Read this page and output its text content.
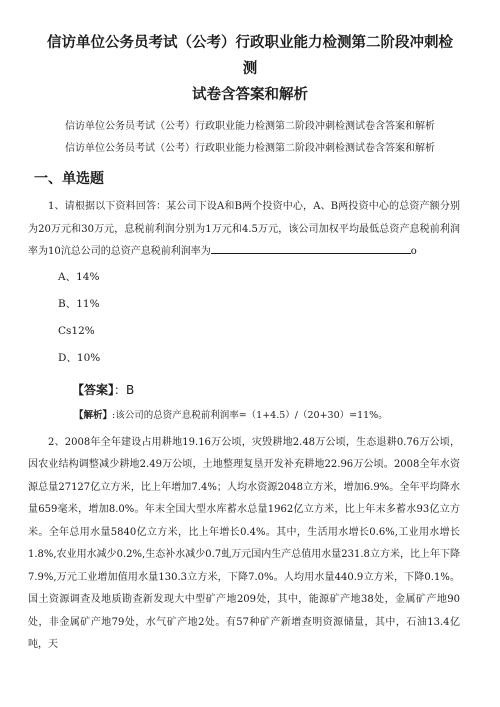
信访单位公务员考试（公考）行政职业能力检测第二阶段冲刺检测
试卷含答案和解析

信访单位公务员考试（公考）行政职业能力检测第二阶段冲刺检测试卷含答案和解析

信访单位公务员考试（公考）行政职业能力检测第二阶段冲刺检测试卷含答案和解析

一、单选题

1、请根据以下资料回答：某公司下设A和B两个投资中心，A、B两投资中心的总资产额分别为20万元和30万元，息税前利润分别为1万元和4.5万元，该公司加权平均最低总资产息税前利润率为10沆总公司的总资产息税前利润率为	o

A、14%

B、11%

Cs12%

D、10%

【答案】：B

【解析】:该公司的总资产息税前利润率=（1+4.5）/（20+30）=11%。

2、2008年全年建设占用耕地19.16万公顷，灾毁耕地2.48万公顷，生态退耕0.76万公顷，因农业结构调整减少耕地2.49万公顷，土地整理复垦开发补充耕地22.96万公顷。2008全年水资源总量27127亿立方米，比上年增加7.4%；人均水资源2048立方米，增加6.9%。全年平均降水量659毫米，增加8.0%。年末全国大型水库蓄水总量1962亿立方米，比上年末多蓄水93亿立方米。全年总用水量5840亿立方米，比上年增长0.4%。其中，生活用水增长0.6%,工业用水增长1.8%,农业用水减少0.2%,生态补水减少0.7虬万元国内生产总值用水量231.8立方米，比上年下降7.9%,万元工业增加值用水量130.3立方米，下降7.0%。人均用水量440.9立方米，下降0.1%。国土资源调查及地质勘查新发现大中型矿产地209处，其中，能源矿产地38处，金属矿产地90处，非金属矿产地79处，水气矿产地2处。有57种矿产新增查明资源储量，其中，石油13.4亿吨，天
